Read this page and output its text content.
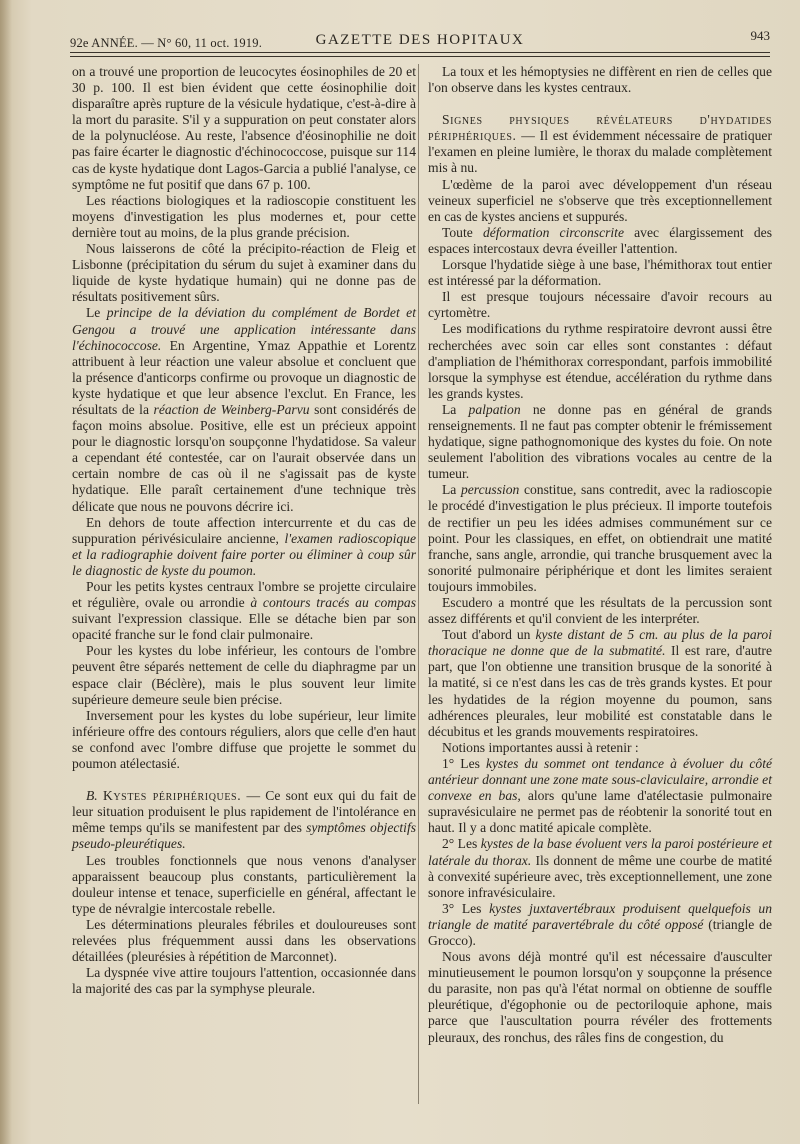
92e ANNÉE. — N° 60, 11 oct. 1919.	GAZETTE DES HOPITAUX	943

on a trouvé une proportion de leucocytes éosinophiles de 20 et 30 p. 100. Il est bien évident que cette éosinophilie doit disparaître après rupture de la vésicule hydatique, c'est-à-dire à la mort du parasite. S'il y a suppuration on peut constater alors de la polynucléose. Au reste, l'absence d'éosinophilie ne doit pas faire écarter le diagnostic d'échinococcose, puisque sur 114 cas de kyste hydatique dont Lagos-Garcia a publié l'analyse, ce symptôme ne fut positif que dans 67 p. 100.

Les réactions biologiques et la radioscopie constituent les moyens d'investigation les plus modernes et, pour cette dernière tout au moins, de la plus grande précision.

Nous laisserons de côté la précipito-réaction de Fleig et Lisbonne (précipitation du sérum du sujet à examiner dans du liquide de kyste hydatique humain) qui ne donne pas de résultats positivement sûrs.

Le principe de la déviation du complément de Bordet et Gengou a trouvé une application intéressante dans l'échinococcose. En Argentine, Ymaz Appathie et Lorentz attribuent à leur réaction une valeur absolue et concluent que la présence d'anticorps confirme ou provoque un diagnostic de kyste hydatique et que leur absence l'exclut. En France, les résultats de la réaction de Weinberg-Parvu sont considérés de façon moins absolue. Positive, elle est un précieux appoint pour le diagnostic lorsqu'on soupçonne l'hydatidose. Sa valeur a cependant été contestée, car on l'aurait observée dans un certain nombre de cas où il ne s'agissait pas de kyste hydatique. Elle paraît certainement d'une technique très délicate que nous ne pouvons décrire ici.

En dehors de toute affection intercurrente et du cas de suppuration périvésiculaire ancienne, l'examen radioscopique et la radiographie doivent faire porter ou éliminer à coup sûr le diagnostic de kyste du poumon.

Pour les petits kystes centraux l'ombre se projette circulaire et régulière, ovale ou arrondie à contours tracés au compas suivant l'expression classique. Elle se détache bien par son opacité franche sur le fond clair pulmonaire.

Pour les kystes du lobe inférieur, les contours de l'ombre peuvent être séparés nettement de celle du diaphragme par un espace clair (Béclère), mais le plus souvent leur limite supérieure demeure seule bien précise.

Inversement pour les kystes du lobe supérieur, leur limite inférieure offre des contours réguliers, alors que celle d'en haut se confond avec l'ombre diffuse que projette le sommet du poumon atélectasié.

B. Kystes périphériques. — Ce sont eux qui du fait de leur situation produisent le plus rapidement de l'intolérance en même temps qu'ils se manifestent par des symptômes objectifs pseudo-pleurétiques.

Les troubles fonctionnels que nous venons d'analyser apparaissent beaucoup plus constants, particulièrement la douleur intense et tenace, superficielle en général, affectant le type de névralgie intercostale rebelle.

Les déterminations pleurales fébriles et douloureuses sont relevées plus fréquemment aussi dans les observations détaillées (pleurésies à répétition de Marconnet).

La dyspnée vive attire toujours l'attention, occasionnée dans la majorité des cas par la symphyse pleurale.

La toux et les hémoptysies ne diffèrent en rien de celles que l'on observe dans les kystes centraux.

Signes physiques révélateurs d'hydatides périphériques. — Il est évidemment nécessaire de pratiquer l'examen en pleine lumière, le thorax du malade complètement mis à nu.

L'œdème de la paroi avec développement d'un réseau veineux superficiel ne s'observe que très exceptionnellement en cas de kystes anciens et suppurés.

Toute déformation circonscrite avec élargissement des espaces intercostaux devra éveiller l'attention.

Lorsque l'hydatide siège à une base, l'hémithorax tout entier est intéressé par la déformation.

Il est presque toujours nécessaire d'avoir recours au cyrtomètre.

Les modifications du rythme respiratoire devront aussi être recherchées avec soin car elles sont constantes : défaut d'ampliation de l'hémithorax correspondant, parfois immobilité lorsque la symphyse est étendue, accélération du rythme dans les grands kystes.

La palpation ne donne pas en général de grands renseignements. Il ne faut pas compter obtenir le frémissement hydatique, signe pathognomonique des kystes du foie. On note seulement l'abolition des vibrations vocales au centre de la tumeur.

La percussion constitue, sans contredit, avec la radioscopie le procédé d'investigation le plus précieux. Il importe toutefois de rectifier un peu les idées admises communément sur ce point. Pour les classiques, en effet, on obtiendrait une matité franche, sans angle, arrondie, qui tranche brusquement avec la sonorité pulmonaire périphérique et dont les limites seraient toujours immobiles.

Escudero a montré que les résultats de la percussion sont assez différents et qu'il convient de les interpréter.

Tout d'abord un kyste distant de 5 cm. au plus de la paroi thoracique ne donne que de la submatité. Il est rare, d'autre part, que l'on obtienne une transition brusque de la sonorité à la matité, si ce n'est dans les cas de très grands kystes. Et pour les hydatides de la région moyenne du poumon, sans adhérences pleurales, leur mobilité est constatable dans le décubitus et les grands mouvements respiratoires.

Notions importantes aussi à retenir :

1° Les kystes du sommet ont tendance à évoluer du côté antérieur donnant une zone mate sous-claviculaire, arrondie et convexe en bas, alors qu'une lame d'atélectasie pulmonaire supravésiculaire ne permet pas de réobtenir la sonorité tout en haut. Il y a donc matité apicale complète.

2° Les kystes de la base évoluent vers la paroi postérieure et latérale du thorax. Ils donnent de même une courbe de matité à convexité supérieure avec, très exceptionnellement, une zone sonore infravésiculaire.

3° Les kystes juxtavertébraux produisent quelquefois un triangle de matité paravertébrale du côté opposé (triangle de Grocco).

Nous avons déjà montré qu'il est nécessaire d'ausculter minutieusement le poumon lorsqu'on y soupçonne la présence du parasite, non pas qu'à l'état normal on obtienne de souffle pleurétique, d'égophonie ou de pectoriloquie aphone, mais parce que l'auscultation pourra révéler des frottements pleuraux, des ronchus, des râles fins de congestion, du
